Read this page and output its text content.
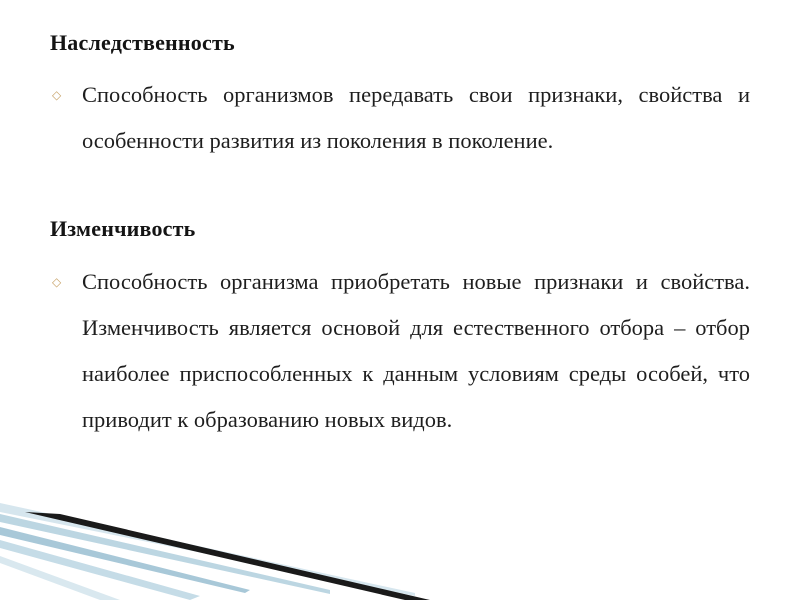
Наследственность
◇ Способность организмов передавать свои признаки, свойства и особенности развития из поколения в поколение.
Изменчивость
◇ Способность организма приобретать новые признаки и свойства. Изменчивость является основой для естественного отбора – отбор наиболее приспособленных к данным условиям среды особей, что приводит к образованию новых видов.
